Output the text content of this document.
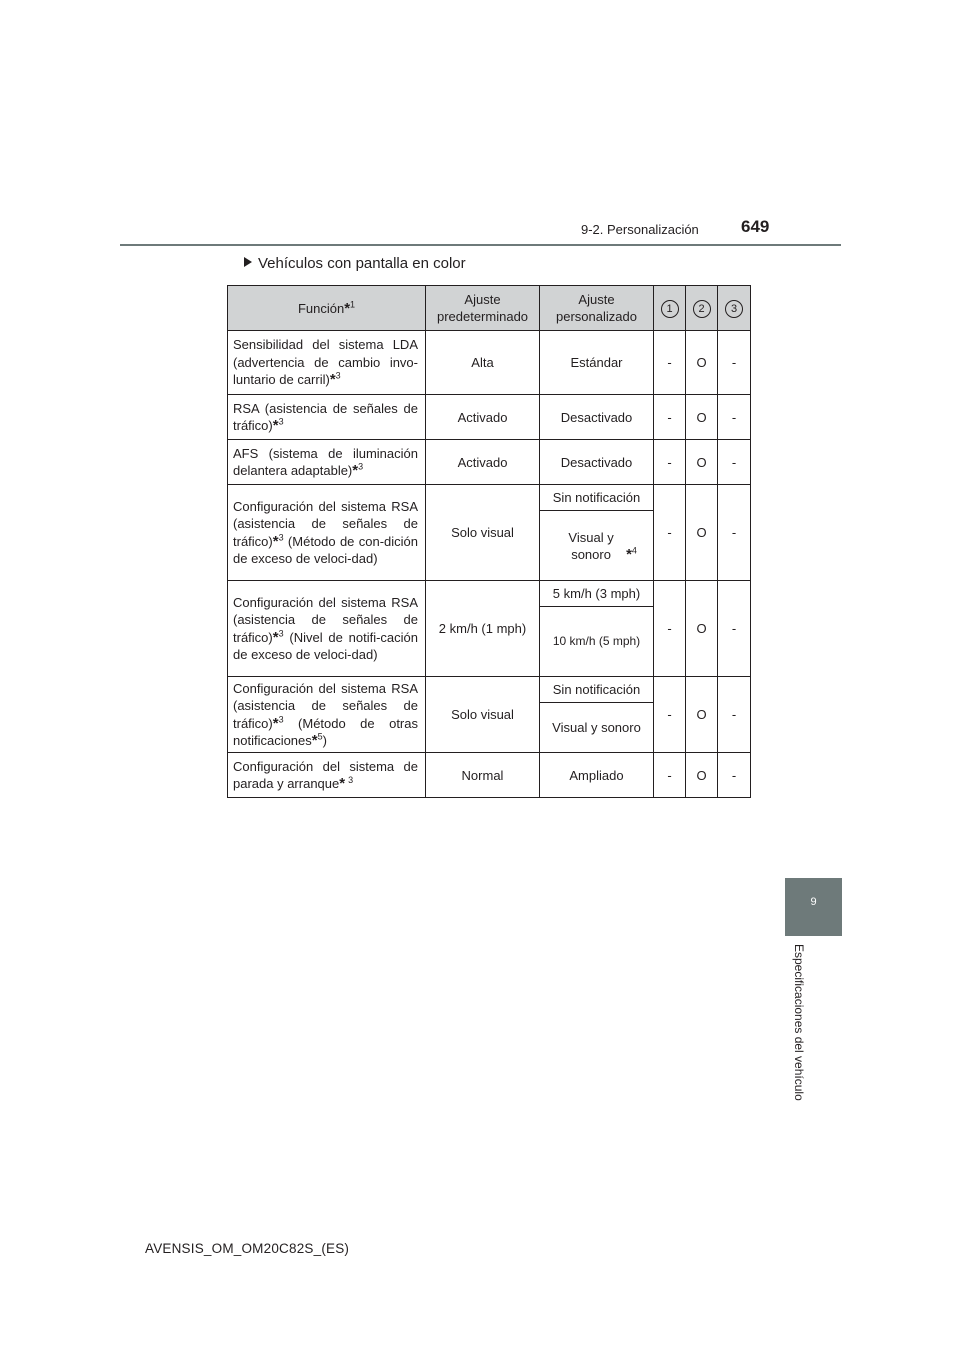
9-2. Personalización 649
Vehículos con pantalla en color
Función*$^1$	Ajuste predeterminado	Ajuste personalizado	1	2	3
Sensibilidad del sistema LDA (advertencia de cambio invo-luntario de carril)*$^3$	Alta	Estándar	-	O	-
RSA (asistencia de señales de tráfico)*$^3$	Activado	Desactivado	-	O	-
AFS (sistema de iluminación delantera adaptable)*$^3$	Activado	Desactivado	-	O	-
Configuración del sistema RSA (asistencia de señales de tráfico)*$^3$ (Método de con-dición de exceso de veloci-dad)	Solo visual	Sin notificación	-	O	-
		Visual y sonoro *$^4$
Configuración del sistema RSA (asistencia de señales de tráfico)*$^3$ (Nivel de notifi-cación de exceso de veloci-dad)	2 km/h (1 mph)	5 km/h (3 mph)	-	O	-
		10 km/h (5 mph)			
Configuración del sistema RSA (asistencia de señales de tráfico)*$^3$ (Método de otras notificaciones*$^5$)	Solo visual	Sin notificación	-	O	-
		Visual y sonoro			
Configuración del sistema de parada y arranque* $^3$	Normal	Ampliado	-	O	-
9
Especificaciones del vehículo
AVENSIS_OM_OM20C82S_(ES)
